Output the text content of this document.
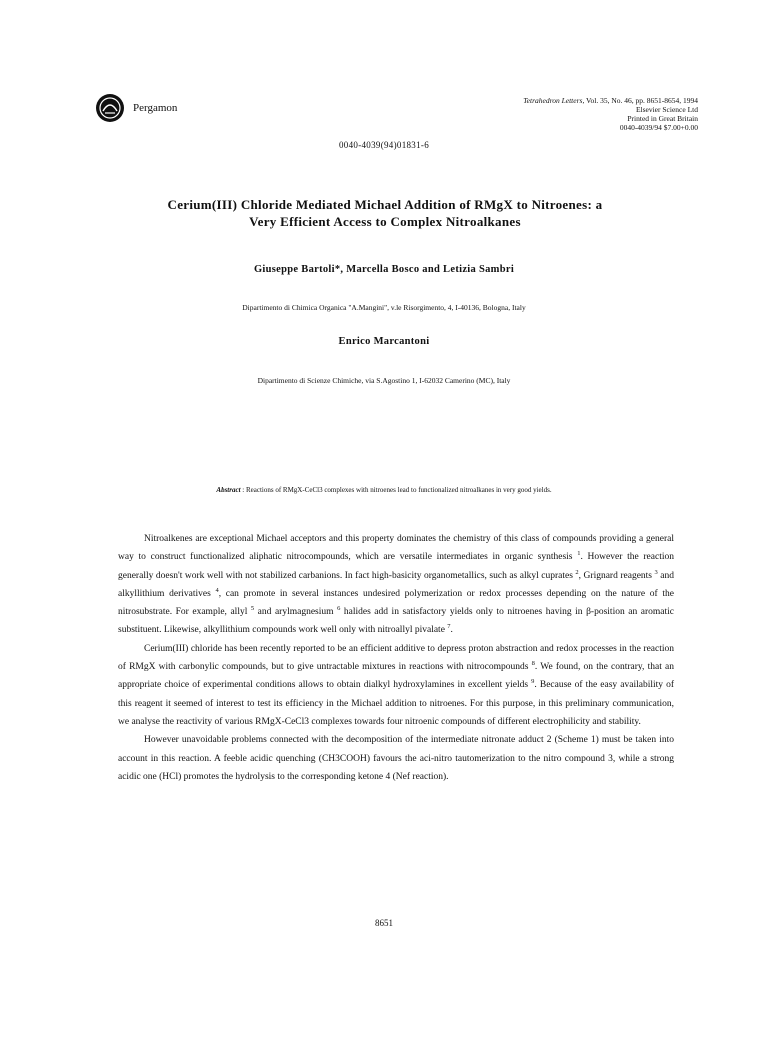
Pergamon
Tetrahedron Letters, Vol. 35, No. 46, pp. 8651-8654, 1994
Elsevier Science Ltd
Printed in Great Britain
0040-4039/94 $7.00+0.00
0040-4039(94)01831-6
Cerium(III) Chloride Mediated Michael Addition of RMgX to Nitroenes: a
Very Efficient Access to Complex Nitroalkanes
Giuseppe Bartoli*, Marcella Bosco and Letizia Sambri
Dipartimento di Chimica Organica "A.Mangini", v.le Risorgimento, 4, I-40136, Bologna, Italy
Enrico Marcantoni
Dipartimento di Scienze Chimiche, via S.Agostino 1, I-62032 Camerino (MC), Italy
Abstract : Reactions of RMgX-CeCl3 complexes with nitroenes lead to functionalized nitroalkanes in very good yields.

Nitroalkenes are exceptional Michael acceptors and this property dominates the chemistry of this class of compounds providing a general way to construct functionalized aliphatic nitrocompounds, which are versatile intermediates in organic synthesis $^1$. However the reaction generally doesn't work well with not stabilized carbanions. In fact high-basicity organometallics, such as alkyl cuprates $^2$, Grignard reagents $^3$ and alkyllithium derivatives $^4$, can promote in several instances undesired polymerization or redox processes depending on the nature of the nitrosubstrate. For example, allyl $^5$ and arylmagnesium $^6$ halides add in satisfactory yields only to nitroenes having in β-position an aromatic substituent. Likewise, alkyllithium compounds work well only with nitroallyl pivalate $^7$.

Cerium(III) chloride has been recently reported to be an efficient additive to depress proton abstraction and redox processes in the reaction of RMgX with carbonylic compounds, but to give untractable mixtures in reactions with nitrocompounds $^8$. We found, on the contrary, that an appropriate choice of experimental conditions allows to obtain dialkyl hydroxylamines in excellent yields $^9$. Because of the easy availability of this reagent it seemed of interest to test its efficiency in the Michael addition to nitroenes. For this purpose, in this preliminary communication, we analyse the reactivity of various RMgX-CeCl3 complexes towards four nitroenic compounds of different electrophilicity and stability.

However unavoidable problems connected with the decomposition of the intermediate nitronate adduct 2 (Scheme 1) must be taken into account in this reaction. A feeble acidic quenching (CH3COOH) favours the aci-nitro tautomerization to the nitro compound 3, while a strong acidic one (HCl) promotes the hydrolysis to the corresponding ketone 4 (Nef reaction).

8651
